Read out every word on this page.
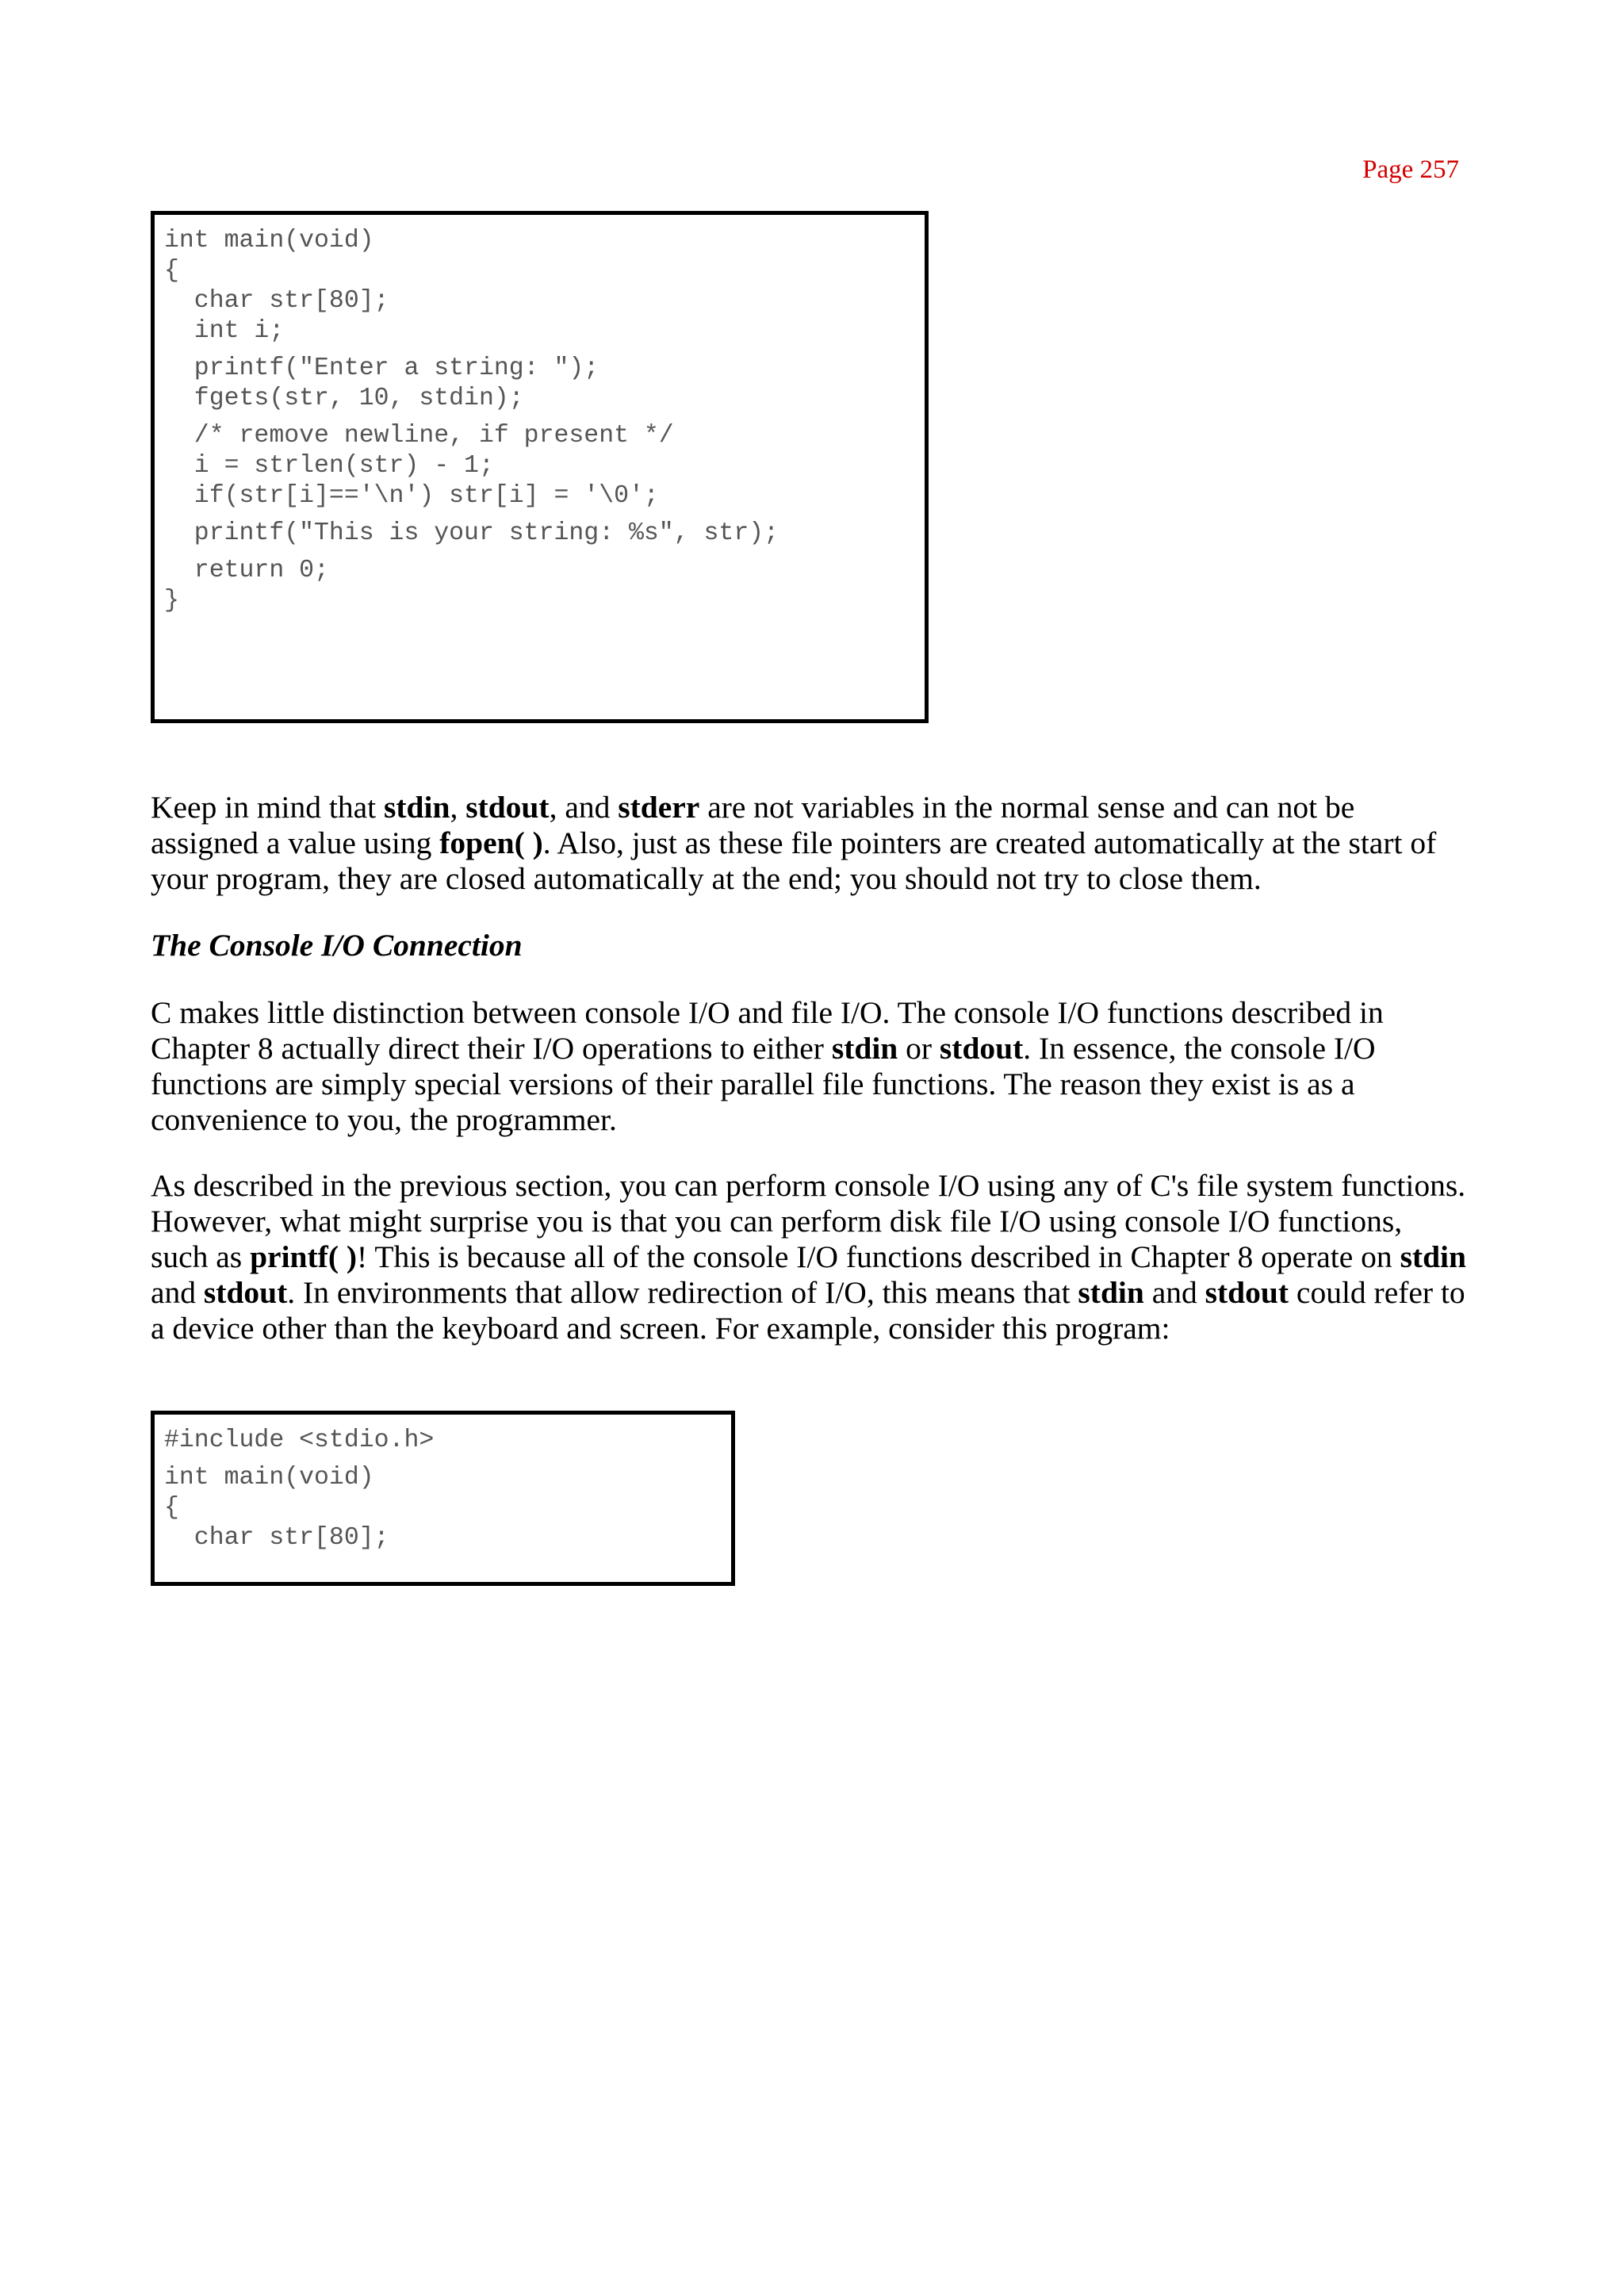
Page 257
int main(void)
{
char str[80];
int i;
printf("Enter a string: ");
fgets(str, 10, stdin);
/* remove newline, if present */
i = strlen(str) - 1;
if(str[i]=='\n') str[i] = '\0';
printf("This is your string: %s", str);
return 0;
}
Keep in mind that stdin, stdout, and stderr are not variables in the normal sense and can not be assigned a value using fopen( ). Also, just as these file pointers are created automatically at the start of your program, they are closed automatically at the end; you should not try to close them.
The Console I/O Connection
C makes little distinction between console I/O and file I/O. The console I/O functions described in Chapter 8 actually direct their I/O operations to either stdin or stdout. In essence, the console I/O functions are simply special versions of their parallel file functions. The reason they exist is as a convenience to you, the programmer.
As described in the previous section, you can perform console I/O using any of C's file system functions. However, what might surprise you is that you can perform disk file I/O using console I/O functions, such as printf( )! This is because all of the console I/O functions described in Chapter 8 operate on stdin and stdout. In environments that allow redirection of I/O, this means that stdin and stdout could refer to a device other than the keyboard and screen. For example, consider this program:
#include <stdio.h>
int main(void)
{
char str[80];
